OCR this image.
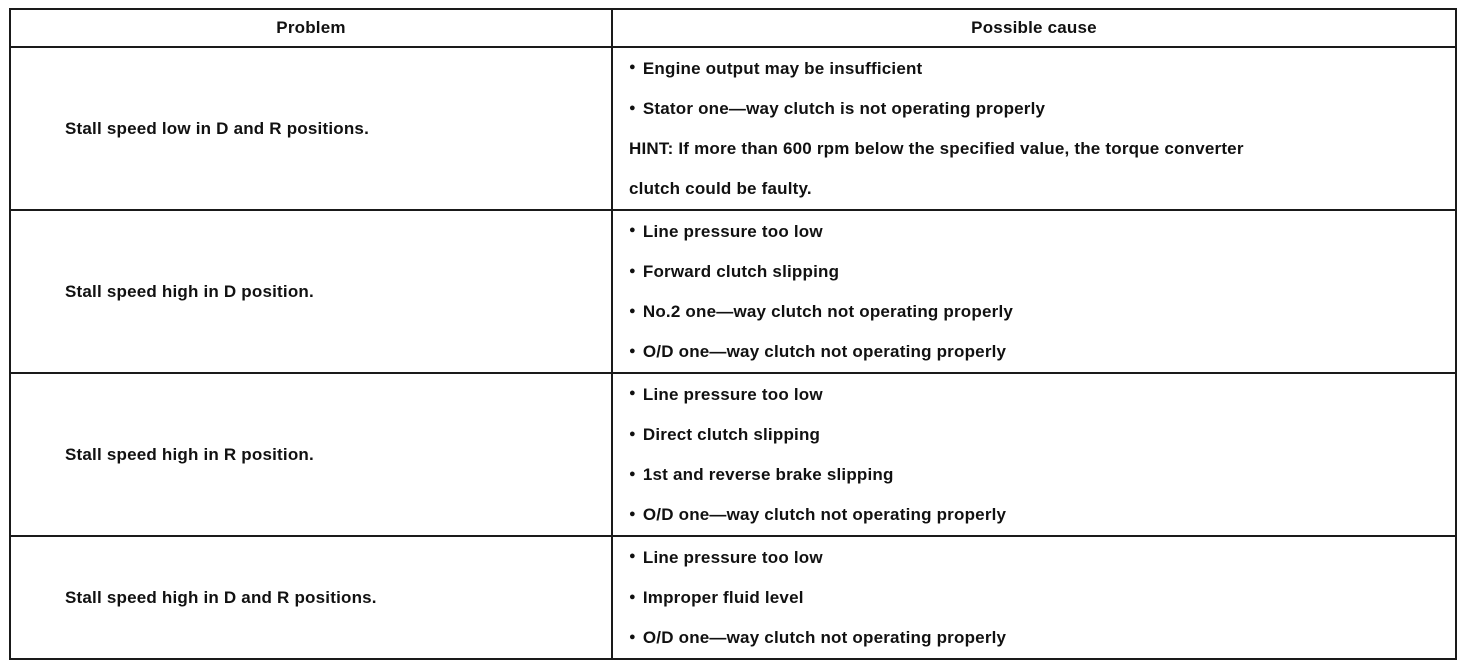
Problem	Possible cause
Stall speed low in D and R positions.	● Engine output may be insufficient
● Stator one—way clutch is not operating properly
HINT: If more than 600 rpm below the specified value, the torque converter
clutch could be faulty.

Stall speed high in D position.	● Line pressure too low
● Forward clutch slipping
● No.2 one—way clutch not operating properly
● O/D one—way clutch not operating properly

Stall speed high in R position.	● Line pressure too low
● Direct clutch slipping
● 1st and reverse brake slipping
● O/D one—way clutch not operating properly

Stall speed high in D and R positions.	● Line pressure too low
● Improper fluid level
● O/D one—way clutch not operating properly
